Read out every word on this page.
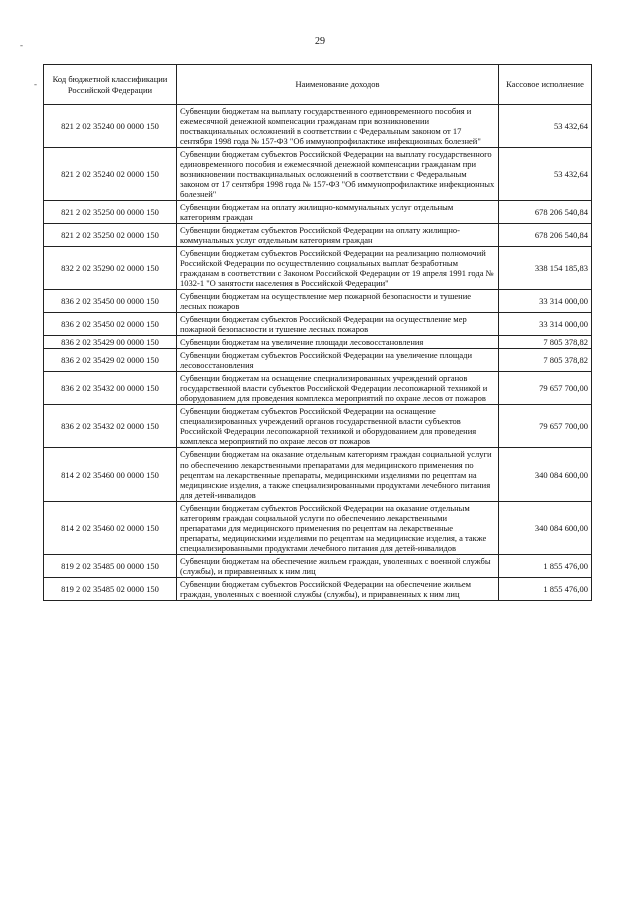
29
-
- Код бюджетной классификации Российской Федерации	Наименование доходов	Кассовое исполнение
821 2 02 35240 00 0000 150	Субвенции бюджетам на выплату государственного единовременного пособия и ежемесячной денежной компенсации гражданам при возникновении поствакцинальных осложнений в соответствии с Федеральным законом от 17 сентября 1998 года № 157-ФЗ "Об иммунопрофилактике инфекционных болезней"	53 432,64
821 2 02 35240 02 0000 150	Субвенции бюджетам субъектов Российской Федерации на выплату государственного единовременного пособия и ежемесячной денежной компенсации гражданам при возникновении поствакцинальных осложнений в соответствии с Федеральным законом от 17 сентября 1998 года № 157-ФЗ "Об иммунопрофилактике инфекционных болезней"	53 432,64
821 2 02 35250 00 0000 150	Субвенции бюджетам на оплату жилищно-коммунальных услуг отдельным категориям граждан	678 206 540,84
821 2 02 35250 02 0000 150	Субвенции бюджетам субъектов Российской Федерации на оплату жилищно-коммунальных услуг отдельным категориям граждан	678 206 540,84
832 2 02 35290 02 0000 150	Субвенции бюджетам субъектов Российской Федерации на реализацию полномочий Российской Федерации по осуществлению социальных выплат безработным гражданам в соответствии с Законом Российской Федерации от 19 апреля 1991 года № 1032-1 "О занятости населения в Российской Федерации"	338 154 185,83
836 2 02 35450 00 0000 150	Субвенции бюджетам на осуществление мер пожарной безопасности и тушение лесных пожаров	33 314 000,00
836 2 02 35450 02 0000 150	Субвенции бюджетам субъектов Российской Федерации на осуществление мер пожарной безопасности и тушение лесных пожаров	33 314 000,00
836 2 02 35429 00 0000 150	Субвенции бюджетам на увеличение площади лесовосстановления	7 805 378,82
836 2 02 35429 02 0000 150	Субвенции бюджетам субъектов Российской Федерации на увеличение площади лесовосстановления	7 805 378,82
836 2 02 35432 00 0000 150	Субвенции бюджетам на оснащение специализированных учреждений органов государственной власти субъектов Российской Федерации лесопожарной техникой и оборудованием для проведения комплекса мероприятий по охране лесов от пожаров	79 657 700,00
836 2 02 35432 02 0000 150	Субвенции бюджетам субъектов Российской Федерации на оснащение специализированных учреждений органов государственной власти субъектов Российской Федерации лесопожарной техникой и оборудованием для проведения комплекса мероприятий по охране лесов от пожаров	79 657 700,00
814 2 02 35460 00 0000 150	Субвенции бюджетам на оказание отдельным категориям граждан социальной услуги по обеспечению лекарственными препаратами для медицинского применения по рецептам на лекарственные препараты, медицинскими изделиями по рецептам на медицинские изделия, а также специализированными продуктами лечебного питания для детей-инвалидов	340 084 600,00
814 2 02 35460 02 0000 150	Субвенции бюджетам субъектов Российской Федерации на оказание отдельным категориям граждан социальной услуги по обеспечению лекарственными препаратами для медицинского применения по рецептам на лекарственные препараты, медицинскими изделиями по рецептам на медицинские изделия, а также специализированными продуктами лечебного питания для детей-инвалидов	340 084 600,00
819 2 02 35485 00 0000 150	Субвенции бюджетам на обеспечение жильем граждан, уволенных с военной службы (службы), и приравненных к ним лиц	1 855 476,00
819 2 02 35485 02 0000 150	Субвенции бюджетам субъектов Российской Федерации на обеспечение жильем граждан, уволенных с военной службы (службы), и приравненных к ним лиц	1 855 476,00
